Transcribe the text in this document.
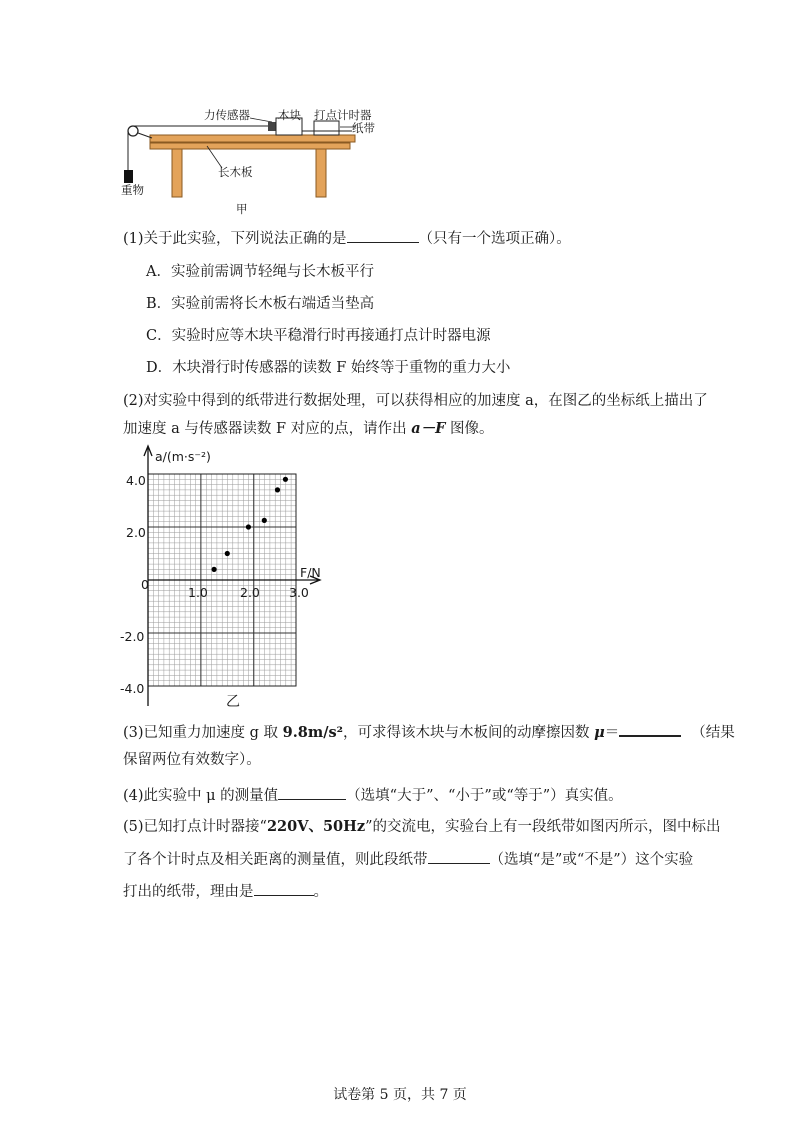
力传感器 木块 打点计时器
纸带
长木板
重物
甲
(1)关于此实验，下列说法正确的是	（只有一个选项正确）。
A．实验前需调节轻绳与长木板平行
B．实验前需将长木板右端适当垫高
C．实验时应等木块平稳滑行时再接通打点计时器电源
D．木块滑行时传感器的读数 F 始终等于重物的重力大小
(2)对实验中得到的纸带进行数据处理，可以获得相应的加速度 a，在图乙的坐标纸上描出了
加速度 a 与传感器读数 F 对应的点，请作出 a－F 图像。
a/(m·s⁻²)
F/N
4.0
2.0
0
-2.0
-4.0
1.0	2.0 3.0
乙
(3)已知重力加速度 g 取 9.8m/s²，可求得该木块与木板间的动摩擦因数 μ＝	（结果
保留两位有效数字）。
(4)此实验中 μ 的测量值	（选填“大于”、“小于”或“等于”）真实值。
(5)已知打点计时器接“220V、50Hz”的交流电，实验台上有一段纸带如图丙所示，图中标出
了各个计时点及相关距离的测量值，则此段纸带	（选填“是”或“不是”）这个实验
打出的纸带，理由是	。
试卷第 5 页，共 7 页
